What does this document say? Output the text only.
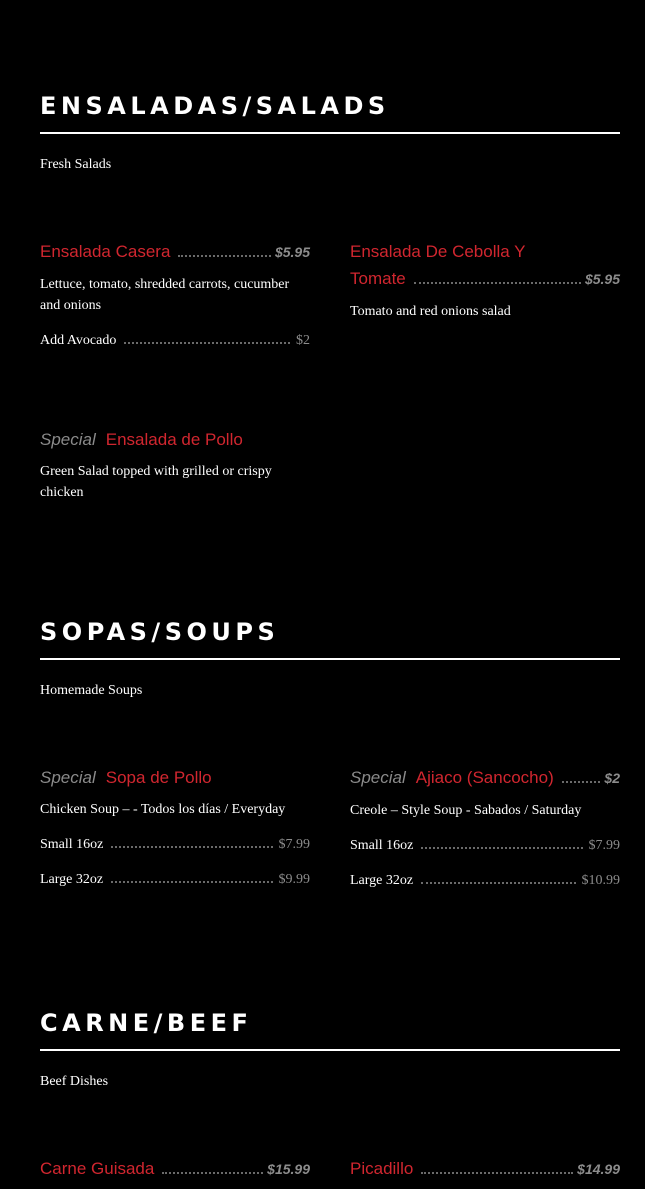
ENSALADAS/SALADS
Fresh Salads
Ensalada Casera	$5.95
Lettuce, tomato, shredded carrots, cucumber and onions
Add Avocado	$2
Ensalada De Cebolla Y
Tomate	$5.95
Tomato and red onions salad
Special Ensalada de Pollo
Green Salad topped with grilled or crispy chicken
SOPAS/SOUPS
Homemade Soups
Special Sopa de Pollo
Chicken Soup – - Todos los días / Everyday
Small 16oz	$7.99
Large 32oz	$9.99
Special Ajiaco (Sancocho)	$2
Creole – Style Soup - Sabados / Saturday
Small 16oz	$7.99
Large 32oz	$10.99
CARNE/BEEF
Beef Dishes
Carne Guisada	$15.99 Picadillo	$14.99
